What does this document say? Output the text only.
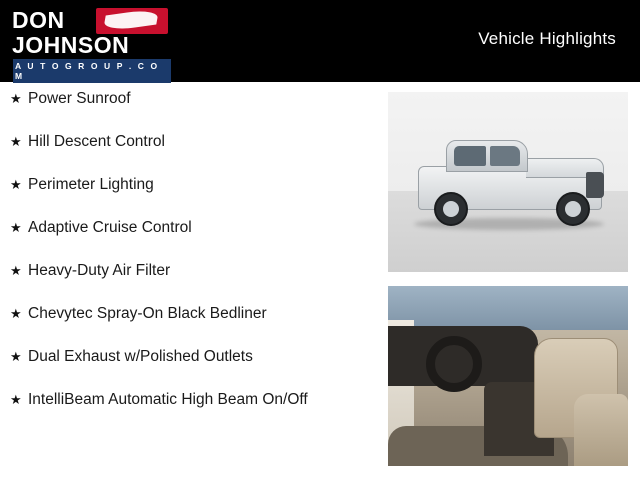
DON
JOHNSON
A U T O G R O U P . C O M
Vehicle Highlights
★ Power Sunroof
★ Hill Descent Control
★ Perimeter Lighting
★ Adaptive Cruise Control
★ Heavy-Duty Air Filter
★ Chevytec Spray-On Black Bedliner
★ Dual Exhaust w/Polished Outlets
★ IntelliBeam Automatic High Beam On/Off
